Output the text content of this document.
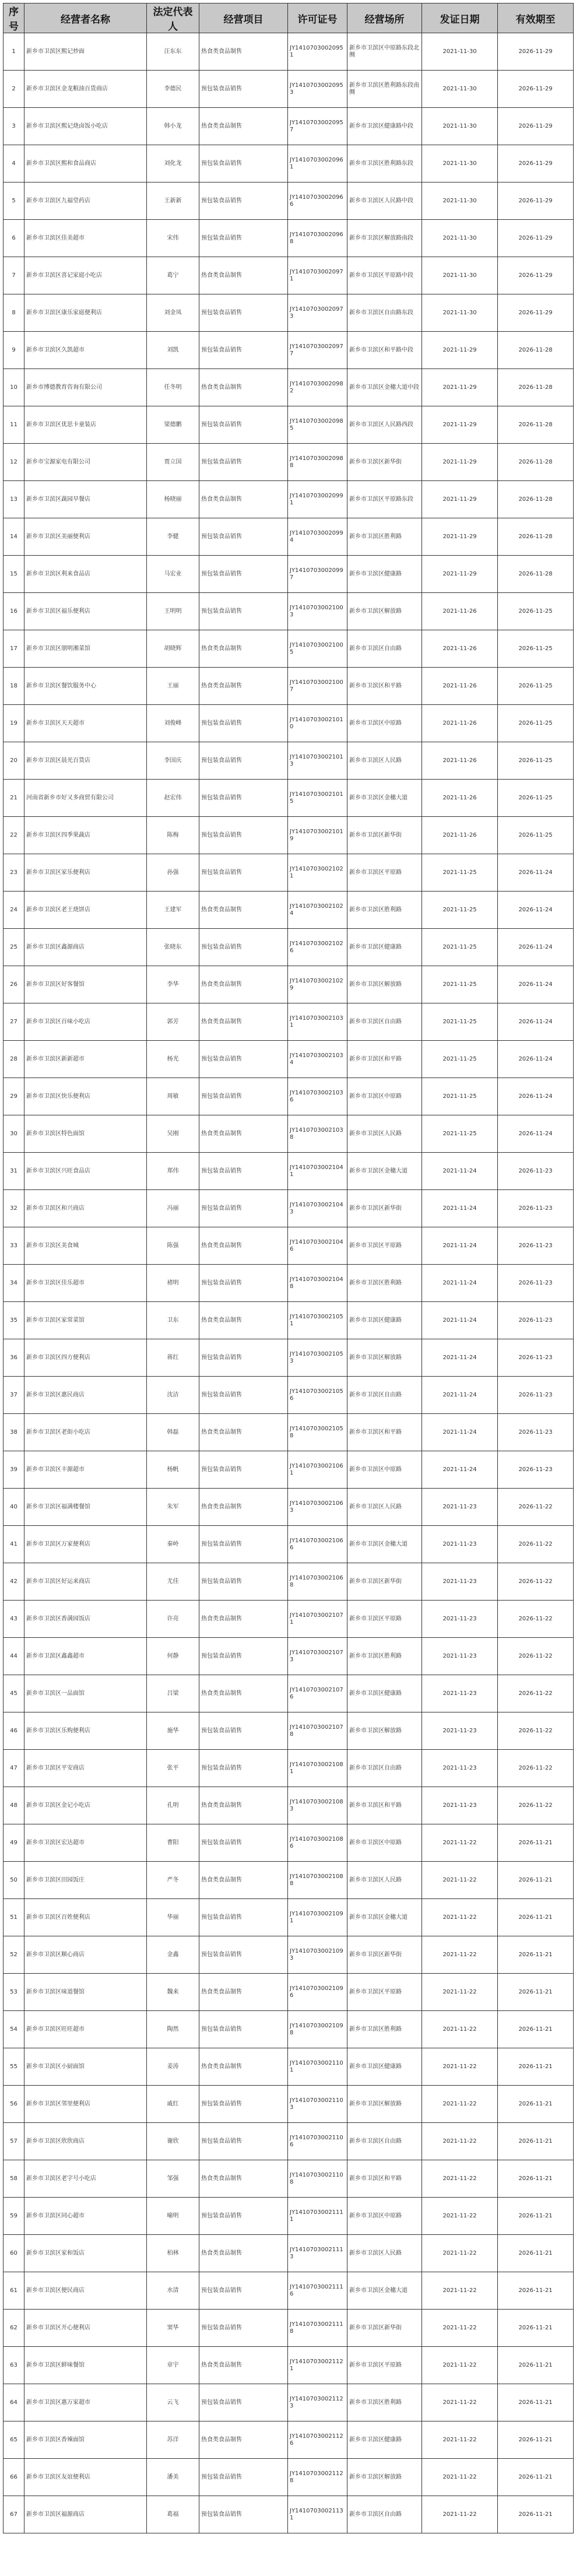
序号	经营者名称	法定代表人	经营项目	许可证号	经营场所	发证日期	有效期至
1	新乡市卫滨区熙记炒面	汪东东	热食类食品制售	JY14107030020951	新乡市卫滨区中原路东段北侧	2021-11-30	2026-11-29
2	新乡市卫滨区金龙粮油百货商店	李德民	预包装食品销售	JY14107030020953	新乡市卫滨区胜利路东段南侧	2021-11-30	2026-11-29
3	新乡市卫滨区熙记烧卤饭小吃店	韩小龙	热食类食品制售	JY14107030020957	新乡市卫滨区健康路中段	2021-11-30	2026-11-29
4	新乡市卫滨区熙和食品商店	刘化龙	预包装食品销售	JY14107030020961	新乡市卫滨区胜利路东段	2021-11-30	2026-11-29
5	新乡市卫滨区九福堂药店	王新新	预包装食品销售	JY14107030020966	新乡市卫滨区人民路中段	2021-11-30	2026-11-29
6	新乡市卫滨区佳美超市	宋伟	预包装食品销售	JY14107030020968	新乡市卫滨区解放路南段	2021-11-30	2026-11-29
7	新乡市卫滨区喜记家庭小吃店	葛宁	热食类食品制售	JY14107030020971	新乡市卫滨区平原路中段	2021-11-30	2026-11-29
8	新乡市卫滨区康乐家庭便利店	刘金凤	预包装食品销售	JY14107030020973	新乡市卫滨区自由路东段	2021-11-30	2026-11-29
9	新乡市卫滨区久凯超市	刘凯	预包装食品销售	JY14107030020977	新乡市卫滨区和平路中段	2021-11-29	2026-11-28
10	新乡市博德教育咨询有限公司	任冬明	热食类食品制售	JY14107030020982	新乡市卫滨区金穗大道中段	2021-11-29	2026-11-28
11	新乡市卫滨区优思卡童装店	梁德鹏	预包装食品销售	JY14107030020985	新乡市卫滨区人民路西段	2021-11-29	2026-11-28
12	新乡市宝源家电有限公司	贾立国	预包装食品销售	JY14107030020988	新乡市卫滨区新华街	2021-11-29	2026-11-28
13	新乡市卫滨区蔬园早餐店	杨晓丽	热食类食品制售	JY14107030020991	新乡市卫滨区平原路东段	2021-11-29	2026-11-28
14	新乡市卫滨区美丽便利店	李健	预包装食品销售	JY14107030020994	新乡市卫滨区胜利路	2021-11-29	2026-11-28
15	新乡市卫滨区利来食品店	马宏业	预包装食品销售	JY14107030020997	新乡市卫滨区健康路	2021-11-29	2026-11-28
16	新乡市卫滨区福乐便利店	王明明	预包装食品销售	JY14107030021003	新乡市卫滨区解放路	2021-11-26	2026-11-25
17	新乡市卫滨区朋明湘菜馆	胡晓辉	热食类食品制售	JY14107030021005	新乡市卫滨区自由路	2021-11-26	2026-11-25
18	新乡市卫滨区餐饮服务中心	王丽	热食类食品制售	JY14107030021007	新乡市卫滨区和平路	2021-11-26	2026-11-25
19	新乡市卫滨区天天超市	刘俊峰	预包装食品销售	JY14107030021010	新乡市卫滨区中原路	2021-11-26	2026-11-25
20	新乡市卫滨区晨光百货店	李国庆	预包装食品销售	JY14107030021013	新乡市卫滨区人民路	2021-11-26	2026-11-25
21	河南省新乡市好又多商贸有限公司	赵宏伟	预包装食品销售	JY14107030021015	新乡市卫滨区金穗大道	2021-11-26	2026-11-25
22	新乡市卫滨区四季果蔬店	陈梅	预包装食品销售	JY14107030021019	新乡市卫滨区新华街	2021-11-26	2026-11-25
23	新乡市卫滨区家乐便利店	孙强	预包装食品销售	JY14107030021021	新乡市卫滨区平原路	2021-11-25	2026-11-24
24	新乡市卫滨区老王烧饼店	王建军	热食类食品制售	JY14107030021024	新乡市卫滨区胜利路	2021-11-25	2026-11-24
25	新乡市卫滨区鑫源商店	张晓东	预包装食品销售	JY14107030021026	新乡市卫滨区健康路	2021-11-25	2026-11-24
26	新乡市卫滨区好客餐馆	李华	热食类食品制售	JY14107030021029	新乡市卫滨区解放路	2021-11-25	2026-11-24
27	新乡市卫滨区百味小吃店	郭芳	热食类食品制售	JY14107030021031	新乡市卫滨区自由路	2021-11-25	2026-11-24
28	新乡市卫滨区新新超市	杨光	预包装食品销售	JY14107030021034	新乡市卫滨区和平路	2021-11-25	2026-11-24
29	新乡市卫滨区快乐便利店	周敏	预包装食品销售	JY14107030021036	新乡市卫滨区中原路	2021-11-25	2026-11-24
30	新乡市卫滨区特色面馆	吴刚	热食类食品制售	JY14107030021038	新乡市卫滨区人民路	2021-11-25	2026-11-24
31	新乡市卫滨区兴旺食品店	郑伟	预包装食品销售	JY14107030021041	新乡市卫滨区金穗大道	2021-11-24	2026-11-23
32	新乡市卫滨区和兴商店	冯丽	预包装食品销售	JY14107030021043	新乡市卫滨区新华街	2021-11-24	2026-11-23
33	新乡市卫滨区美食城	陈强	热食类食品制售	JY14107030021046	新乡市卫滨区平原路	2021-11-24	2026-11-23
34	新乡市卫滨区佳乐超市	褚明	预包装食品销售	JY14107030021048	新乡市卫滨区胜利路	2021-11-24	2026-11-23
35	新乡市卫滨区家常菜馆	卫东	热食类食品制售	JY14107030021051	新乡市卫滨区健康路	2021-11-24	2026-11-23
36	新乡市卫滨区四方便利店	蒋红	预包装食品销售	JY14107030021053	新乡市卫滨区解放路	2021-11-24	2026-11-23
37	新乡市卫滨区惠民商店	沈洁	预包装食品销售	JY14107030021056	新乡市卫滨区自由路	2021-11-24	2026-11-23
38	新乡市卫滨区老街小吃店	韩磊	热食类食品制售	JY14107030021058	新乡市卫滨区和平路	2021-11-24	2026-11-23
39	新乡市卫滨区丰源超市	杨帆	预包装食品销售	JY14107030021061	新乡市卫滨区中原路	2021-11-24	2026-11-23
40	新乡市卫滨区福满楼餐馆	朱军	热食类食品制售	JY14107030021063	新乡市卫滨区人民路	2021-11-23	2026-11-22
41	新乡市卫滨区万家便利店	秦岭	预包装食品销售	JY14107030021066	新乡市卫滨区金穗大道	2021-11-23	2026-11-22
42	新乡市卫滨区好运来商店	尤佳	预包装食品销售	JY14107030021068	新乡市卫滨区新华街	2021-11-23	2026-11-22
43	新乡市卫滨区香满园饭店	许亮	热食类食品制售	JY14107030021071	新乡市卫滨区平原路	2021-11-23	2026-11-22
44	新乡市卫滨区鑫鑫超市	何静	预包装食品销售	JY14107030021073	新乡市卫滨区胜利路	2021-11-23	2026-11-22
45	新乡市卫滨区一品面馆	吕梁	热食类食品制售	JY14107030021076	新乡市卫滨区健康路	2021-11-23	2026-11-22
46	新乡市卫滨区乐购便利店	施华	预包装食品销售	JY14107030021078	新乡市卫滨区解放路	2021-11-23	2026-11-22
47	新乡市卫滨区平安商店	张平	预包装食品销售	JY14107030021081	新乡市卫滨区自由路	2021-11-23	2026-11-22
48	新乡市卫滨区金记小吃店	孔明	热食类食品制售	JY14107030021083	新乡市卫滨区和平路	2021-11-23	2026-11-22
49	新乡市卫滨区宏达超市	曹阳	预包装食品销售	JY14107030021086	新乡市卫滨区中原路	2021-11-22	2026-11-21
50	新乡市卫滨区田园饭庄	严冬	热食类食品制售	JY14107030021088	新乡市卫滨区人民路	2021-11-22	2026-11-21
51	新乡市卫滨区百姓便利店	华丽	预包装食品销售	JY14107030021091	新乡市卫滨区金穗大道	2021-11-22	2026-11-21
52	新乡市卫滨区顺心商店	金鑫	预包装食品销售	JY14107030021093	新乡市卫滨区新华街	2021-11-22	2026-11-21
53	新乡市卫滨区味道餐馆	魏来	热食类食品制售	JY14107030021096	新乡市卫滨区平原路	2021-11-22	2026-11-21
54	新乡市卫滨区旺旺超市	陶然	预包装食品销售	JY14107030021098	新乡市卫滨区胜利路	2021-11-22	2026-11-21
55	新乡市卫滨区小厨面馆	姜涛	热食类食品制售	JY14107030021101	新乡市卫滨区健康路	2021-11-22	2026-11-21
56	新乡市卫滨区邻里便利店	戚红	预包装食品销售	JY14107030021103	新乡市卫滨区解放路	2021-11-22	2026-11-21
57	新乡市卫滨区欣欣商店	谢欣	预包装食品销售	JY14107030021106	新乡市卫滨区自由路	2021-11-22	2026-11-21
58	新乡市卫滨区老字号小吃店	邹强	热食类食品制售	JY14107030021108	新乡市卫滨区和平路	2021-11-22	2026-11-21
59	新乡市卫滨区同心超市	喻明	预包装食品销售	JY14107030021111	新乡市卫滨区中原路	2021-11-22	2026-11-21
60	新乡市卫滨区家和饭店	柏林	热食类食品制售	JY14107030021113	新乡市卫滨区人民路	2021-11-22	2026-11-21
61	新乡市卫滨区便民商店	水清	预包装食品销售	JY14107030021116	新乡市卫滨区金穗大道	2021-11-22	2026-11-21
62	新乡市卫滨区开心便利店	窦华	预包装食品销售	JY14107030021118	新乡市卫滨区新华街	2021-11-22	2026-11-21
63	新乡市卫滨区鲜味餐馆	章宇	热食类食品制售	JY14107030021121	新乡市卫滨区平原路	2021-11-22	2026-11-21
64	新乡市卫滨区惠万家超市	云飞	预包装食品销售	JY14107030021123	新乡市卫滨区胜利路	2021-11-22	2026-11-21
65	新乡市卫滨区香辣面馆	苏洋	热食类食品制售	JY14107030021126	新乡市卫滨区健康路	2021-11-22	2026-11-21
66	新乡市卫滨区友谊便利店	潘美	预包装食品销售	JY14107030021128	新乡市卫滨区解放路	2021-11-22	2026-11-21
67	新乡市卫滨区福源商店	葛福	预包装食品销售	JY14107030021131	新乡市卫滨区自由路	2021-11-22	2026-11-21
